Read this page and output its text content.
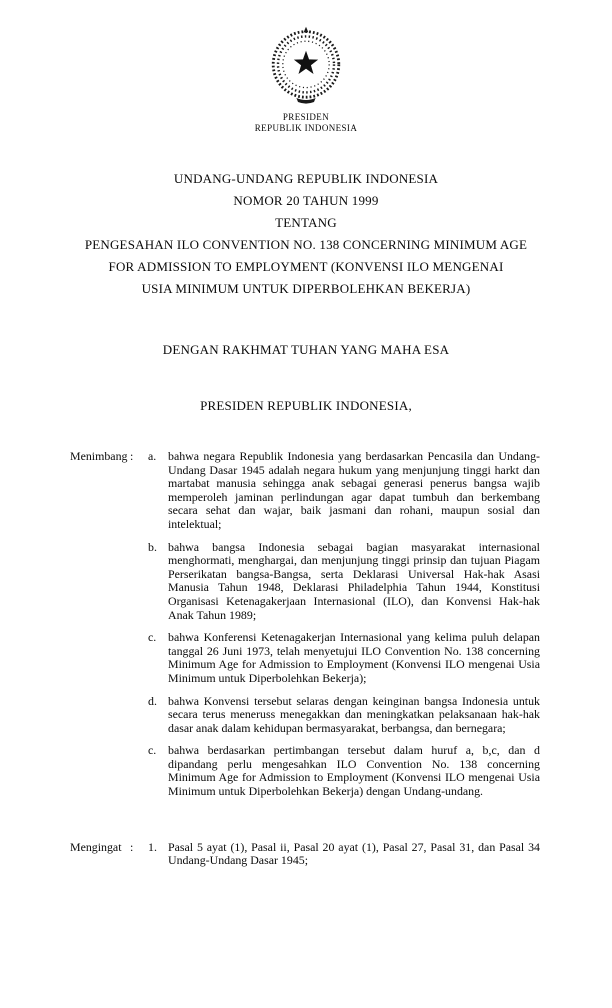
PRESIDEN
REPUBLIK INDONESIA
UNDANG-UNDANG REPUBLIK INDONESIA
NOMOR 20 TAHUN 1999
TENTANG
PENGESAHAN ILO CONVENTION NO. 138 CONCERNING MINIMUM AGE
FOR ADMISSION TO EMPLOYMENT (KONVENSI ILO MENGENAI
USIA MINIMUM UNTUK DIPERBOLEHKAN BEKERJA)
DENGAN RAKHMAT TUHAN YANG MAHA ESA
PRESIDEN REPUBLIK INDONESIA,
Menimbang :	a. bahwa negara Republik Indonesia yang berdasarkan Pencasila dan Undang-Undang Dasar 1945 adalah negara hukum yang menjunjung tinggi harkt dan martabat manusia sehingga anak sebagai generasi penerus bangsa wajib memperoleh jaminan perlindungan agar dapat tumbuh dan berkembang secara sehat dan wajar, baik jasmani dan rohani, maupun sosial dan intelektual;
b. bahwa bangsa Indonesia sebagai bagian masyarakat internasional menghormati, menghargai, dan menjunjung tinggi prinsip dan tujuan Piagam Perserikatan bangsa-Bangsa, serta Deklarasi Universal Hak-hak Asasi Manusia Tahun 1948, Deklarasi Philadelphia Tahun 1944, Konstitusi Organisasi Ketenagakerjaan Internasional (ILO), dan Konvensi Hak-hak Anak Tahun 1989;
c. bahwa Konferensi Ketenagakerjan Internasional yang kelima puluh delapan tanggal 26 Juni 1973, telah menyetujui ILO Convention No. 138 concerning Minimum Age for Admission to Employment (Konvensi ILO mengenai Usia Minimum untuk Diperbolehkan Bekerja);
d. bahwa Konvensi tersebut selaras dengan keinginan bangsa Indonesia untuk secara terus meneruss menegakkan dan meningkatkan pelaksanaan hak-hak dasar anak dalam kehidupan bermasyarakat, berbangsa, dan bernegara;
c. bahwa berdasarkan pertimbangan tersebut dalam huruf a, b,c, dan d dipandang perlu mengesahkan ILO Convention No. 138 concerning Minimum Age for Admission to Employment (Konvensi ILO mengenai Usia Minimum untuk Diperbolehkan Bekerja) dengan Undang-undang.
Mengingat :	1. Pasal 5 ayat (1), Pasal ii, Pasal 20 ayat (1), Pasal 27, Pasal 31, dan Pasal 34 Undang-Undang Dasar 1945;
